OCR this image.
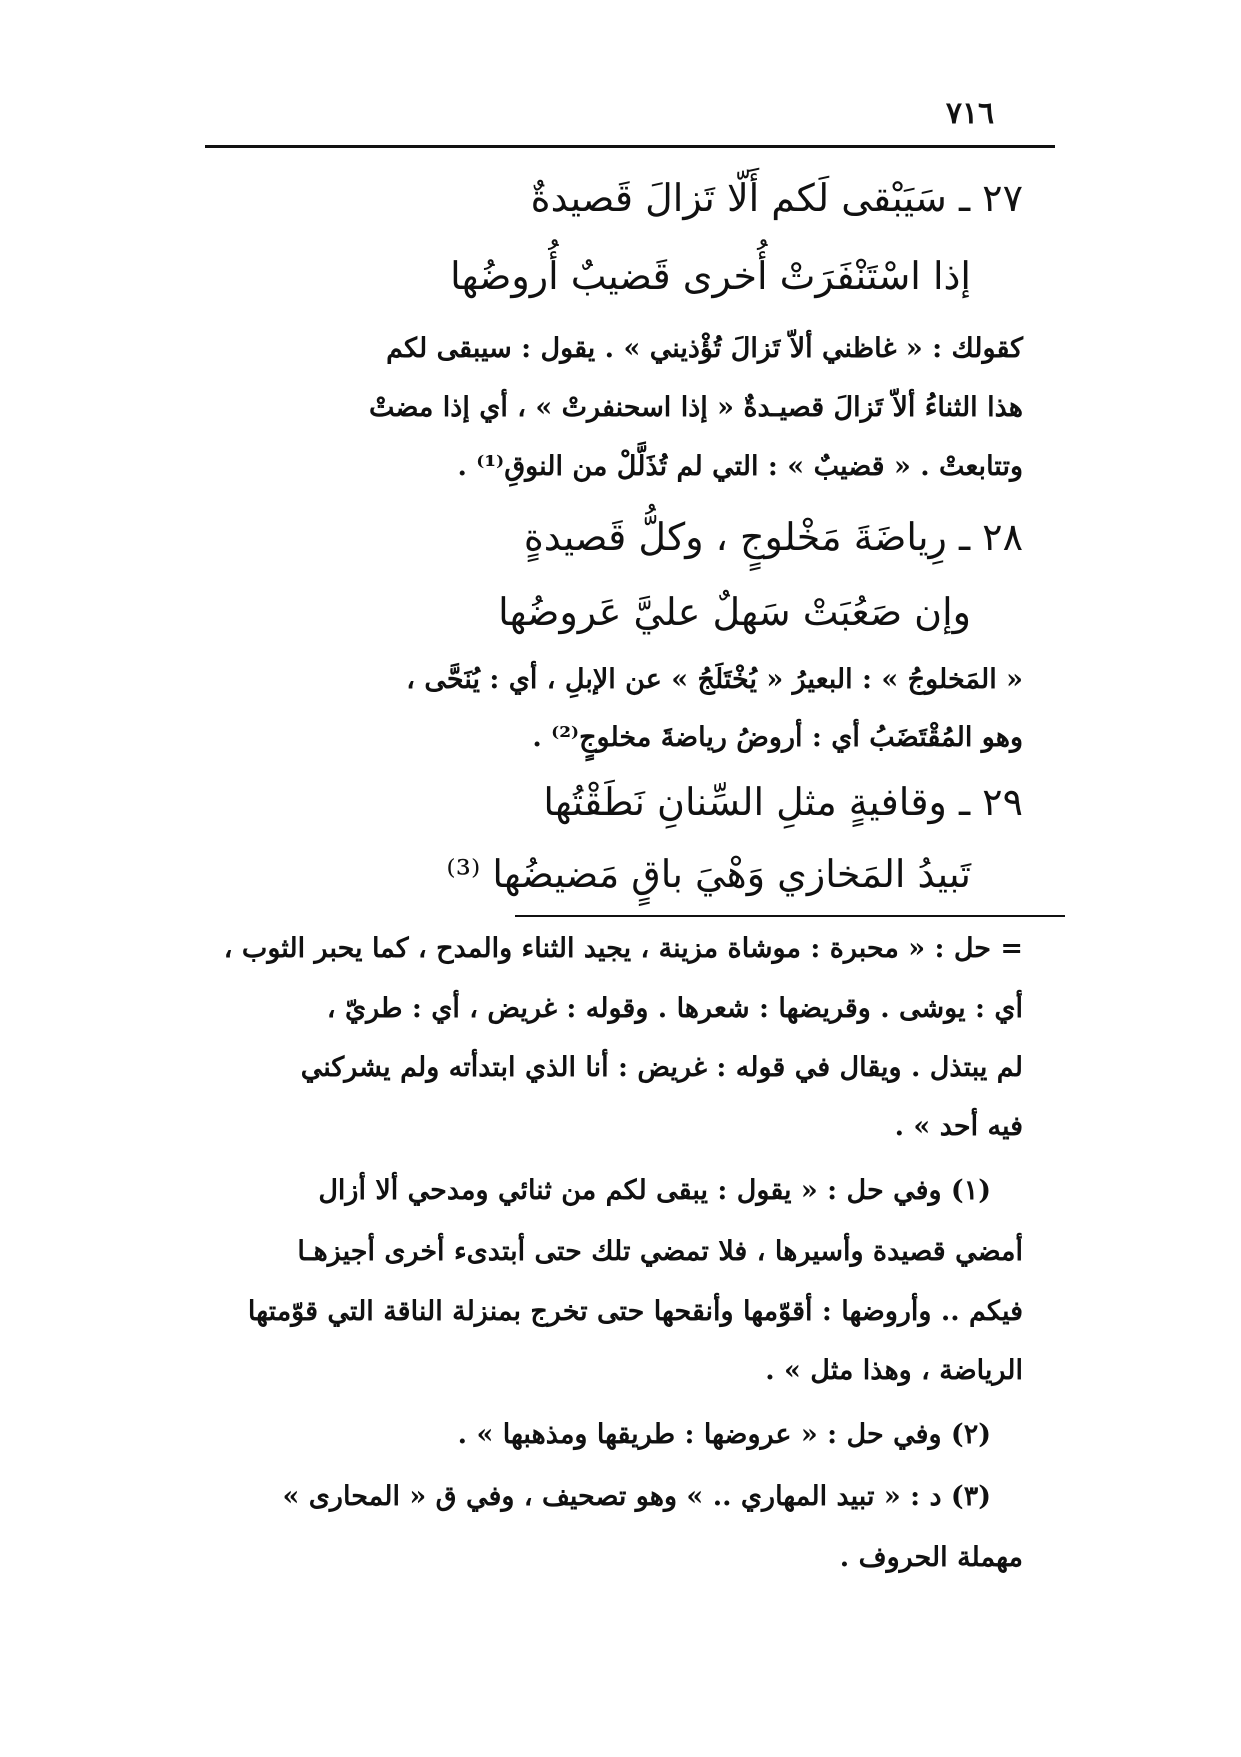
٧١٦
٢٧ ـ سَيَبْقى لَكم أَلّا تَزالَ قَصيدةٌ
إذا اسْتَنْفَرَتْ أُخرى قَضيبٌ أُروضُها
كقولك : « غاظني ألاّ تَزالَ تُؤْذيني » . يقول : سيبقى لكم
هذا الثناءُ ألاّ تَزالَ قصيـدةٌ « إذا اسحنفرتْ » ، أي إذا مضتْ
وتتابعتْ . « قضيبٌ » : التي لم تُذَلَّلْ من النوقِ⁽¹⁾ .
٢٨ ـ رِياضَةَ مَخْلوجٍ ، وكلُّ قَصيدةٍ
وإن صَعُبَتْ سَهلٌ عليَّ عَروضُها
« المَخلوجُ » : البعيرُ « يُخْتَلَجُ » عن الإبلِ ، أي : يُنَحَّى ،
وهو المُقْتَضَبُ أي : أروضُ رياضةَ مخلوجٍ⁽²⁾ .
٢٩ ـ وقافيةٍ مثلِ السِّنانِ نَطَقْتُها
تَبيدُ المَخازي وَهْيَ باقٍ مَضيضُها ⁽³⁾
= حل : « محبرة : موشاة مزينة ، يجيد الثناء والمدح ، كما يحبر الثوب ،
أي : يوشى . وقريضها : شعرها . وقوله : غريض ، أي : طريّ ،
لم يبتذل . ويقال في قوله : غريض : أنا الذي ابتدأته ولم يشركني
فيه أحد » .
(١) وفي حل : « يقول : يبقى لكم من ثنائي ومدحي ألا أزال
أمضي قصيدة وأسيرها ، فلا تمضي تلك حتى أبتدىء أخرى أجيزهـا
فيكم .. وأروضها : أقوّمها وأنقحها حتى تخرج بمنزلة الناقة التي قوّمتها
الرياضة ، وهذا مثل » .
(٢) وفي حل : « عروضها : طريقها ومذهبها » .
(٣) د : « تبيد المهاري .. » وهو تصحيف ، وفي ق « المحارى »
مهملة الحروف .
